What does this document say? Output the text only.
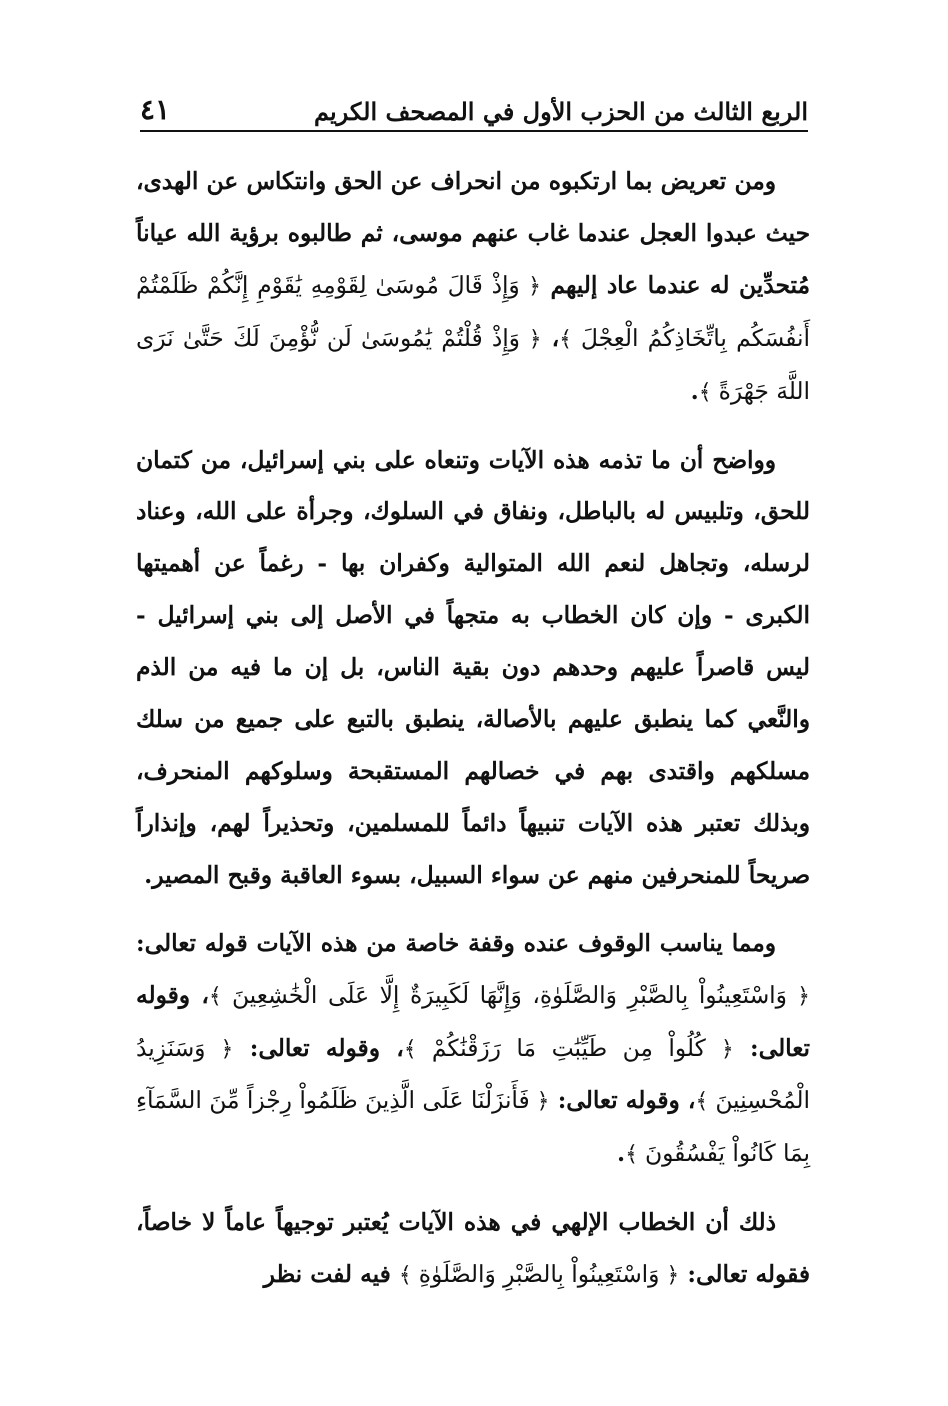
الربع الثالث من الحزب الأول في المصحف الكريم
٤١

ومن تعريض بما ارتكبوه من انحراف عن الحق وانتكاس عن الهدى، حيث عبدوا العجل عندما غاب عنهم موسى، ثم طالبوه برؤية الله عياناً مُتحدِّين له عندما عاد إليهم ﴿ وَإِذْ قَالَ مُوسَىٰ لِقَوْمِهِ يَٰقَوْمِ إِنَّكُمْ ظَلَمْتُمْ أَنفُسَكُم بِاتِّخَاذِكُمُ الْعِجْلَ ﴾، ﴿ وَإِذْ قُلْتُمْ يَٰمُوسَىٰ لَن نُّؤْمِنَ لَكَ حَتَّىٰ نَرَى اللَّهَ جَهْرَةً ﴾.

وواضح أن ما تذمه هذه الآيات وتنعاه على بني إسرائيل، من كتمان للحق، وتلبيس له بالباطل، ونفاق في السلوك، وجرأة على الله، وعناد لرسله، وتجاهل لنعم الله المتوالية وكفران بها - رغماً عن أهميتها الكبرى - وإن كان الخطاب به متجهاً في الأصل إلى بني إسرائيل - ليس قاصراً عليهم وحدهم دون بقية الناس، بل إن ما فيه من الذم والنَّعي كما ينطبق عليهم بالأصالة، ينطبق بالتبع على جميع من سلك مسلكهم واقتدى بهم في خصالهم المستقبحة وسلوكهم المنحرف، وبذلك تعتبر هذه الآيات تنبيهاً دائماً للمسلمين، وتحذيراً لهم، وإنذاراً صريحاً للمنحرفين منهم عن سواء السبيل، بسوء العاقبة وقبح المصير.

ومما يناسب الوقوف عنده وقفة خاصة من هذه الآيات قوله تعالى: ﴿ وَاسْتَعِينُواْ بِالصَّبْرِ وَالصَّلَوٰةِ، وَإِنَّهَا لَكَبِيرَةٌ إِلَّا عَلَى الْخَٰشِعِينَ ﴾، وقوله تعالى: ﴿ كُلُواْ مِن طَيِّبَٰتِ مَا رَزَقْنَٰكُمْ ﴾، وقوله تعالى: ﴿ وَسَنَزِيدُ الْمُحْسِنِينَ ﴾، وقوله تعالى: ﴿ فَأَنزَلْنَا عَلَى الَّذِينَ ظَلَمُواْ رِجْزاً مِّنَ السَّمَآءِ بِمَا كَانُواْ يَفْسُقُونَ ﴾.

ذلك أن الخطاب الإلهي في هذه الآيات يُعتبر توجيهاً عاماً لا خاصاً، فقوله تعالى: ﴿ وَاسْتَعِينُواْ بِالصَّبْرِ وَالصَّلَوٰةِ ﴾ فيه لفت نظر
